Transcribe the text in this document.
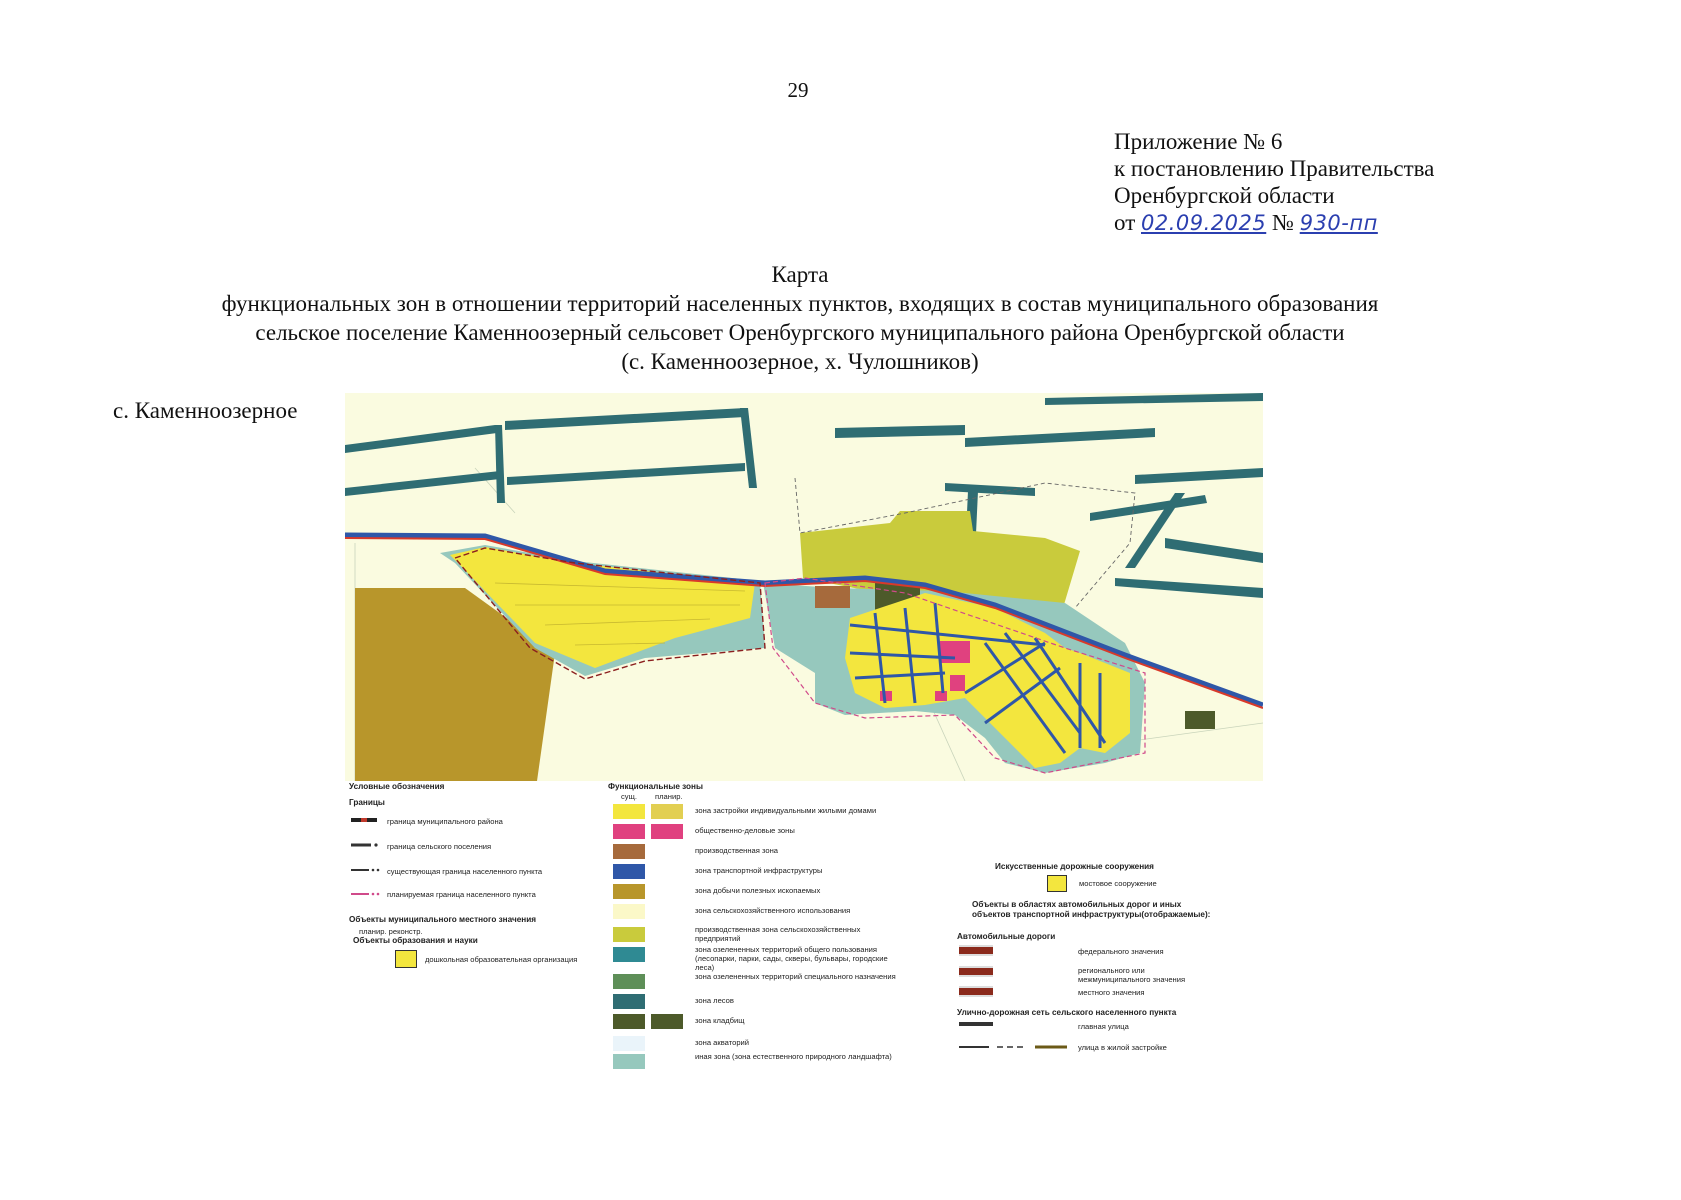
29
Приложение № 6
к постановлению Правительства
Оренбургской области
от 02.09.2025 № 930-пп
Карта
функциональных зон в отношении территорий населенных пунктов, входящих в состав муниципального образования
сельское поселение Каменноозерный сельсовет Оренбургского муниципального района Оренбургской области
(с. Каменноозерное, х. Чулошников)
с. Каменноозерное
Условные обозначения
Границы
граница муниципального района
граница сельского поселения
существующая граница населенного пункта
планируемая граница населенного пункта
Объекты муниципального местного значения
планир. реконстр.
Объекты образования и науки
дошкольная образовательная организация
Функциональные зоны
сущ. планир.
зона застройки индивидуальными жилыми домами
общественно-деловые зоны
производственная зона
зона транспортной инфраструктуры
зона добычи полезных ископаемых
зона сельскохозяйственного использования
производственная зона сельскохозяйственных предприятий
зона озелененных территорий общего пользования (лесопарки, парки, сады, скверы, бульвары, городские леса)
зона озелененных территорий специального назначения
зона лесов
зона кладбищ
зона акваторий
иная зона (зона естественного природного ландшафта)
Искусственные дорожные сооружения
мостовое сооружение
Объекты в областях автомобильных дорог и иных
объектов транспортной инфраструктуры(отображаемые):
Автомобильные дороги
федерального значения
регионального или межмуниципального значения
местного значения
Улично-дорожная сеть сельского населенного пункта
главная улица
улица в жилой застройке
